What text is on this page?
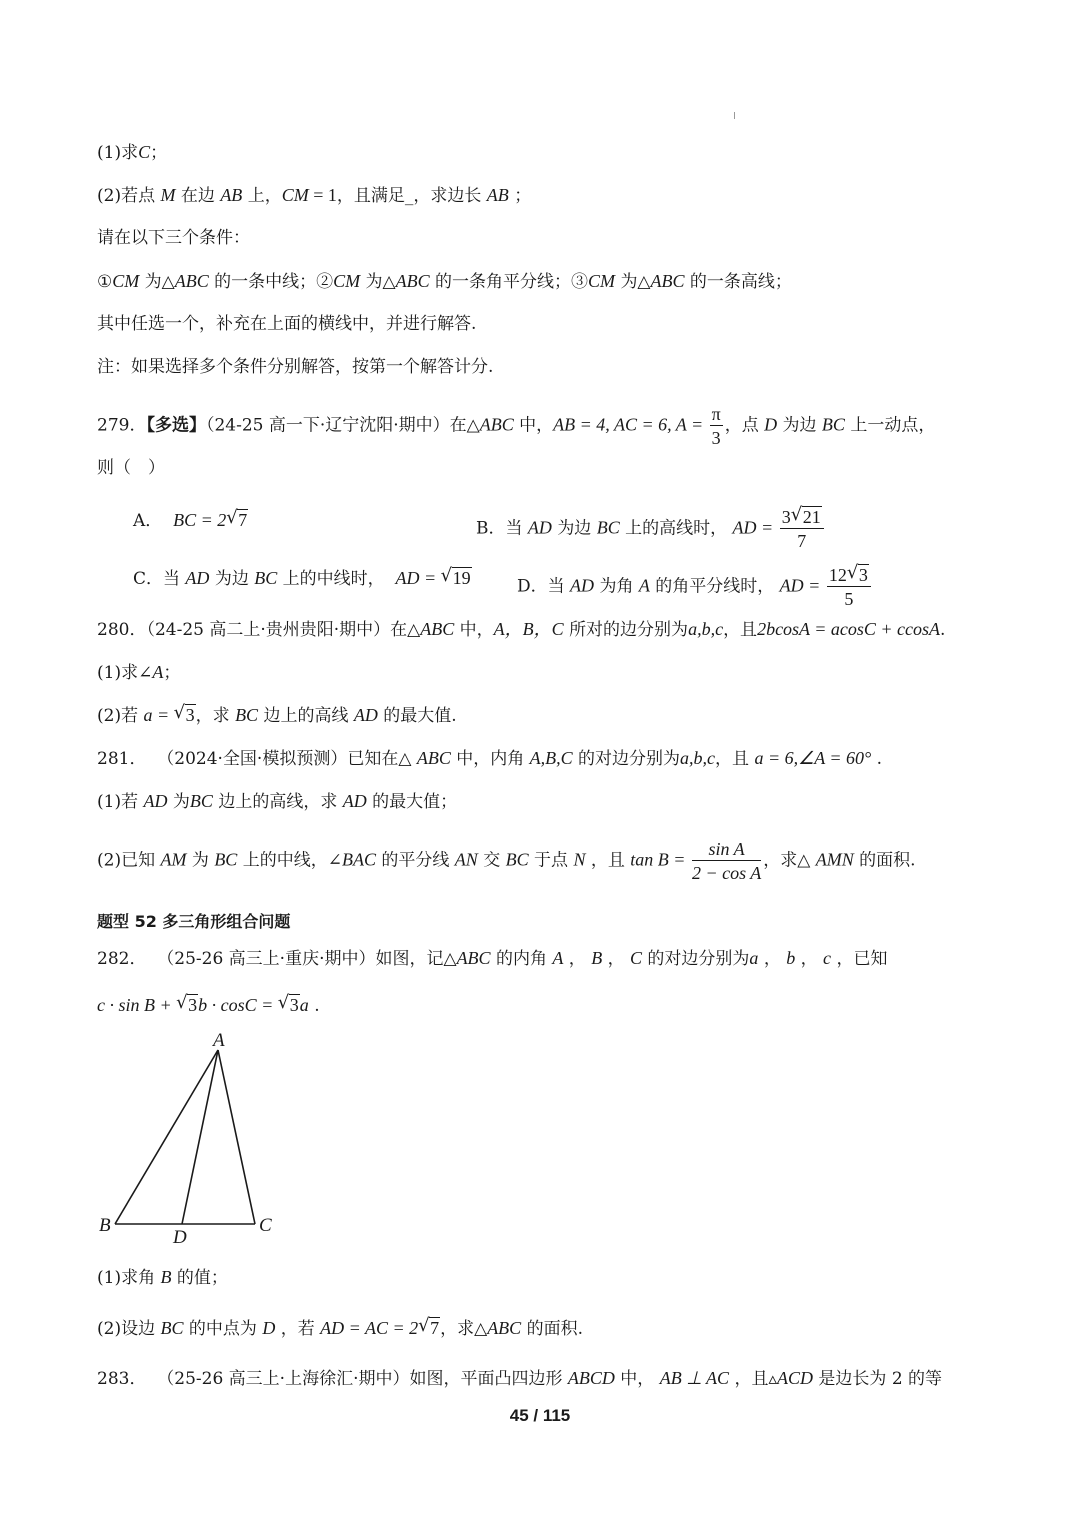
(1)求C；
(2)若点 M 在边 AB 上，CM = 1，且满足_，求边长 AB ；
请在以下三个条件：
①CM 为△ABC 的一条中线；②CM 为△ABC 的一条角平分线；③CM 为△ABC 的一条高线；
其中任选一个，补充在上面的横线中，并进行解答.
注：如果选择多个条件分别解答，按第一个解答计分.
279．【多选】（24-25 高一下·辽宁沈阳·期中）在△ABC 中，AB = 4, AC = 6, $A = \frac{\pi}{3}$ ，点 D 为边 BC 上一动点，
则（　）
A． BC = 2 √ 7	B．当 AD 为边 BC 上的高线时， AD = $\frac{3 √ 21}{7}$
C．当 AD 为边 BC 上的中线时， AD = √ 19	D．当 AD 为角 A 的角平分线时， AD = $\frac{12 √ 3}{5}$
280．（24-25 高二上·贵州贵阳·期中）在△ABC 中，A，B，C 所对的边分别为a,b,c，且2bcosA = acosC + ccosA.
(1)求∠A；
(2)若 a = √ 3，求 BC 边上的高线 AD 的最大值.
281． （2024·全国·模拟预测）已知在△ ABC 中，内角 A,B,C 的对边分别为a,b,c，且 a = 6,∠A = 60° .
(1)若 AD 为BC 边上的高线，求 AD 的最大值；
(2)已知 AM 为 BC 上的中线，∠BAC 的平分线 AN 交 BC 于点 N ，且 $\tan B = \frac{\text{sin A}}{\text{2 − cos A}}$ ，求△ AMN 的面积.
题型 52 多三角形组合问题
282． （25-26 高三上·重庆·期中）如图，记△ABC 的内角 A ， B ， C 的对边分别为a ， b ， c ，已知
c · sin B + √ 3b · cosC = √ 3a .
A
B	C
D
(1)求角 B 的值；
(2)设边 BC 的中点为 D ，若 AD = AC = 2 √ 7，求△ABC 的面积.
283． （25-26 高三上·上海徐汇·期中）如图，平面凸四边形 ABCD 中， AB ⊥ AC ，且▵ACD 是边长为 2 的等
45 / 115
